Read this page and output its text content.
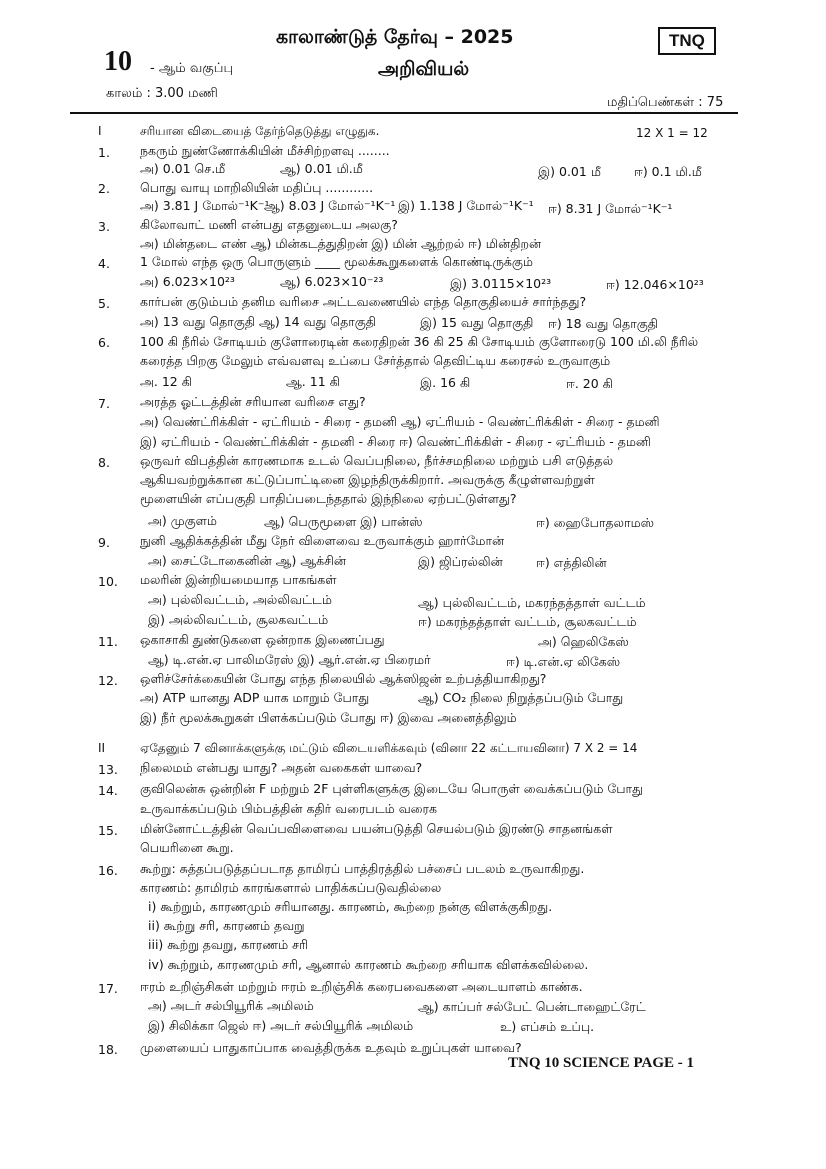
காலாண்டுத் தேர்வு – 2025	TNQ
10 - ஆம் வகுப்பு	அறிவியல்
காலம் : 3.00 மணி
மதிப்பெண்கள் : 75
I	சரியான விடையைத் தேர்ந்தெடுத்து எழுதுக.	12 X 1 = 12
1. நகரும் நுண்ணோக்கியின் மீச்சிற்றளவு ........
அ) 0.01 செ.மீ	ஆ) 0.01 மி.மீ	இ) 0.01 மீ	ஈ) 0.1 மி.மீ
2. பொது வாயு மாறிலியின் மதிப்பு ............
அ) 3.81 J மோல்⁻¹K⁻¹
ஆ) 8.03 J மோல்⁻¹K⁻¹ இ) 1.138 J மோல்⁻¹K⁻¹ ஈ) 8.31 J மோல்⁻¹K⁻¹
3. கிலோவாட் மணி என்பது எதனுடைய அலகு?
அ) மின்தடை எண் ஆ) மின்கடத்துதிறன் இ) மின் ஆற்றல் ஈ) மின்திறன்
4. 1 மோல் எந்த ஒரு பொருளும் ____ மூலக்கூறுகளைக் கொண்டிருக்கும்
அ) 6.023×10²³	ஆ) 6.023×10⁻²³	இ) 3.0115×10²³	ஈ) 12.046×10²³
5. கார்பன் குடும்பம் தனிம வரிசை அட்டவணையில் எந்த தொகுதியைச் சார்ந்தது?
அ) 13 வது தொகுதி ஆ) 14 வது தொகுதி	இ) 15 வது தொகுதி ஈ) 18 வது தொகுதி
6. 100 கி நீரில் சோடியம் குளோரைடின் கரைதிறன் 36 கி 25 கி சோடியம் குளோரைடு 100 மி.லி நீரில்
கரைத்த பிறகு மேலும் எவ்வளவு உப்பை சேர்த்தால் தெவிட்டிய கரைசல் உருவாகும்
அ. 12 கி	ஆ. 11 கி	இ. 16 கி	ஈ. 20 கி
7. அரத்த ஓட்டத்தின் சரியான வரிசை எது?
அ) வெண்ட்ரிக்கிள் - ஏட்ரியம் - சிரை - தமனி ஆ) ஏட்ரியம் - வெண்ட்ரிக்கிள் - சிரை - தமனி
இ) ஏட்ரியம் - வெண்ட்ரிக்கிள் - தமனி - சிரை ஈ) வெண்ட்ரிக்கிள் - சிரை - ஏட்ரியம் - தமனி
8. ஒருவர் விபத்தின் காரணமாக உடல் வெப்பநிலை, நீர்ச்சமநிலை மற்றும் பசி எடுத்தல்
ஆகியவற்றுக்கான கட்டுப்பாட்டினை இழந்திருக்கிறார். அவருக்கு கீழுள்ளவற்றுள்
மூளையின் எப்பகுதி பாதிப்படைந்ததால் இந்நிலை ஏற்பட்டுள்ளது?
அ) முகுளம்	ஆ) பெருமூளை இ) பான்ஸ்	ஈ) ஹைபோதலாமஸ்
9. நுனி ஆதிக்கத்தின் மீது நேர் விளைவை உருவாக்கும் ஹார்மோன்
அ) சைட்டோகைனின் ஆ) ஆக்சின்	இ) ஜிப்ரல்லின்	ஈ) எத்திலின்
10. மலரின் இன்றியமையாத பாகங்கள்
அ) புல்லிவட்டம், அல்லிவட்டம்	ஆ) புல்லிவட்டம், மகரந்தத்தாள் வட்டம்
இ) அல்லிவட்டம், சூலகவட்டம்	ஈ) மகரந்தத்தாள் வட்டம், சூலகவட்டம்
11. ஒகாசாகி துண்டுகளை ஒன்றாக இணைப்பது	அ) ஹெலிகேஸ்
ஆ) டி.என்.ஏ பாலிமரேஸ் இ) ஆர்.என்.ஏ பிரைமர்	ஈ) டி.என்.ஏ லிகேஸ்
12. ஒளிச்சேர்க்கையின் போது எந்த நிலையில் ஆக்ஸிஜன் உற்பத்தியாகிறது?
அ) ATP யானது ADP யாக மாறும் போது	ஆ) CO₂ நிலை நிறுத்தப்படும் போது
இ) நீர் மூலக்கூறுகள் பிளக்கப்படும் போது ஈ) இவை அனைத்திலும்
II	ஏதேனும் 7 வினாக்களுக்கு மட்டும் விடையளிக்கவும் (வினா 22 கட்டாயவினா) 7 X 2 = 14
13. நிலைமம் என்பது யாது? அதன் வகைகள் யாவை?
14. குவிலென்சு ஒன்றின் F மற்றும் 2F புள்ளிகளுக்கு இடையே பொருள் வைக்கப்படும் போது
உருவாக்கப்படும் பிம்பத்தின் கதிர் வரைபடம் வரைக
15. மின்னோட்டத்தின் வெப்பவிளைவை பயன்படுத்தி செயல்படும் இரண்டு சாதனங்கள்
பெயரினை கூறு.
16. கூற்று: சுத்தப்படுத்தப்படாத தாமிரப் பாத்திரத்தில் பச்சைப் படலம் உருவாகிறது.
காரணம்: தாமிரம் காரங்களால் பாதிக்கப்படுவதில்லை
i) கூற்றும், காரணமும் சரியானது. காரணம், கூற்றை நன்கு விளக்குகிறது.
ii) கூற்று சரி, காரணம் தவறு
iii) கூற்று தவறு, காரணம் சரி
iv) கூற்றும், காரணமும் சரி, ஆனால் காரணம் கூற்றை சரியாக விளக்கவில்லை.
17. ஈரம் உறிஞ்சிகள் மற்றும் ஈரம் உறிஞ்சிக் கரைபவைகளை அடையாளம் காண்க.
அ) அடர் சல்பியூரிக் அமிலம்	ஆ) காப்பர் சல்பேட் பென்டாஹைட்ரேட்
இ) சிலிக்கா ஜெல் ஈ) அடர் சல்பியூரிக் அமிலம்	உ) எப்சம் உப்பு.
18. முளையைப் பாதுகாப்பாக வைத்திருக்க உதவும் உறுப்புகள் யாவை?
TNQ 10 SCIENCE PAGE - 1
